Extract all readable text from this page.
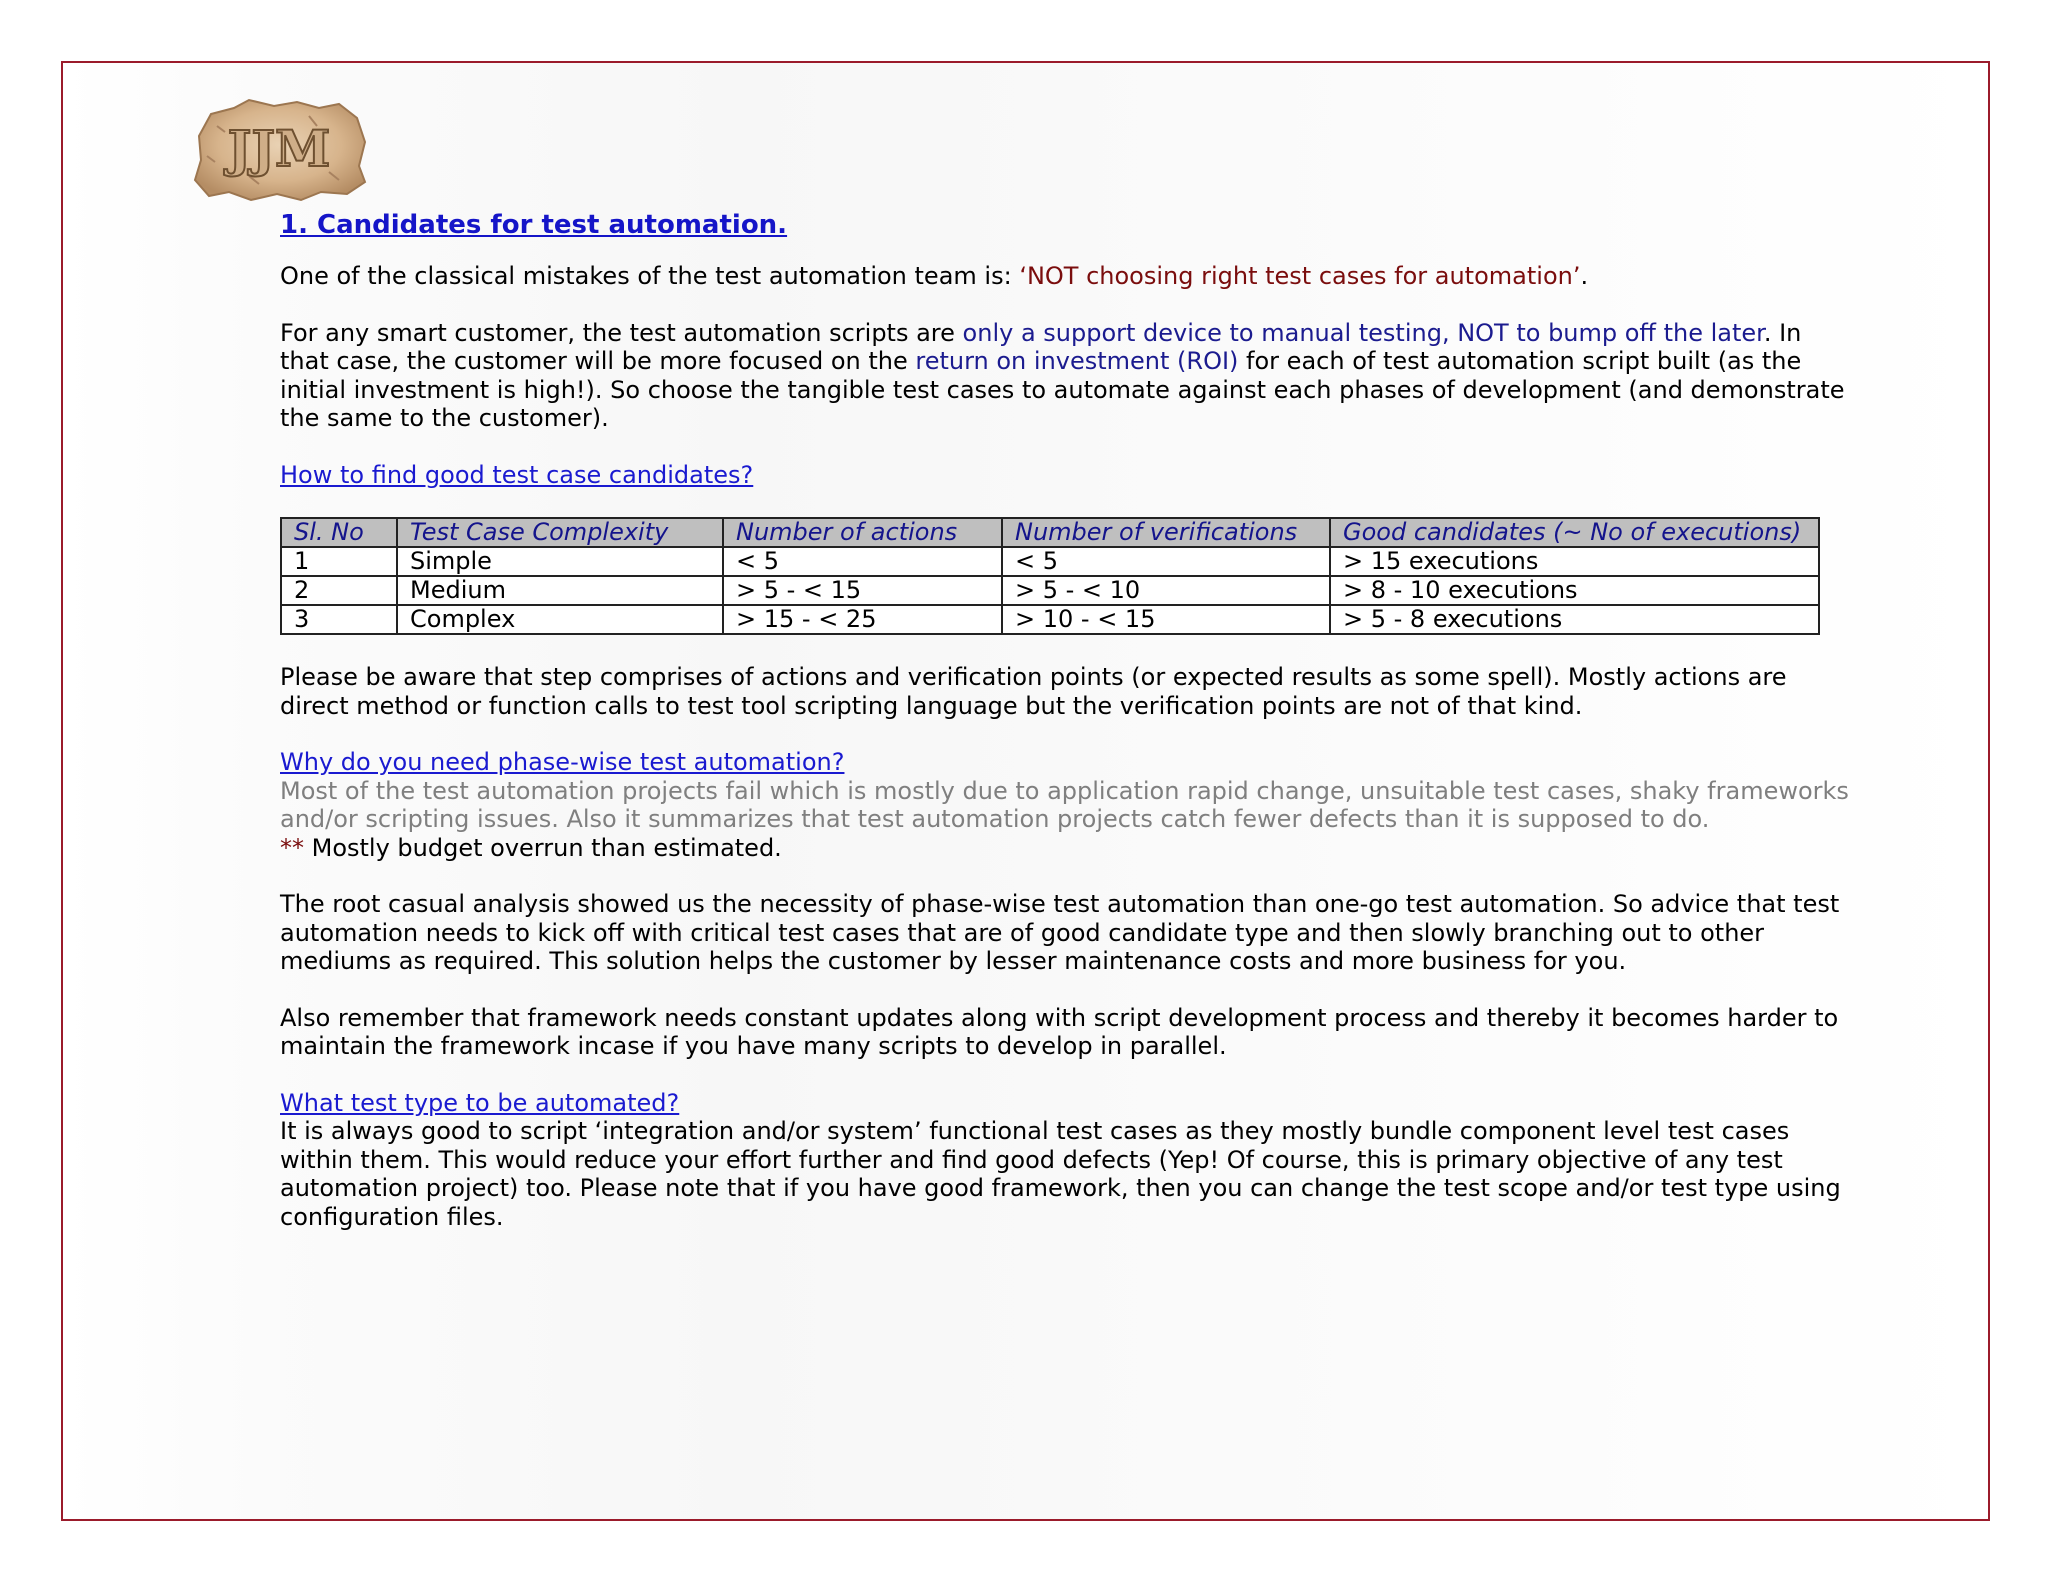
JJM
1. Candidates for test automation.

One of the classical mistakes of the test automation team is: ‘NOT choosing right test cases for automation’.

For any smart customer, the test automation scripts are only a support device to manual testing, NOT to bump off the later. In that case, the customer will be more focused on the return on investment (ROI) for each of test automation script built (as the initial investment is high!). So choose the tangible test cases to automate against each phases of development (and demonstrate the same to the customer).

How to find good test case candidates?

Sl. No	Test Case Complexity	Number of actions	Number of verifications	Good candidates (~ No of executions)
1	Simple	< 5	< 5	> 15 executions
2	Medium	> 5 - < 15	> 5 - < 10	> 8 - 10 executions
3	Complex	> 15 - < 25	> 10 - < 15	> 5 - 8 executions

Please be aware that step comprises of actions and verification points (or expected results as some spell). Mostly actions are direct method or function calls to test tool scripting language but the verification points are not of that kind.

Why do you need phase-wise test automation?

Most of the test automation projects fail which is mostly due to application rapid change, unsuitable test cases, shaky frameworks and/or scripting issues. Also it summarizes that test automation projects catch fewer defects than it is supposed to do.

** Mostly budget overrun than estimated.

The root casual analysis showed us the necessity of phase-wise test automation than one-go test automation. So advice that test automation needs to kick off with critical test cases that are of good candidate type and then slowly branching out to other mediums as required. This solution helps the customer by lesser maintenance costs and more business for you.

Also remember that framework needs constant updates along with script development process and thereby it becomes harder to maintain the framework incase if you have many scripts to develop in parallel.

What test type to be automated?

It is always good to script ‘integration and/or system’ functional test cases as they mostly bundle component level test cases within them. This would reduce your effort further and find good defects (Yep! Of course, this is primary objective of any test automation project) too. Please note that if you have good framework, then you can change the test scope and/or test type using configuration files.
